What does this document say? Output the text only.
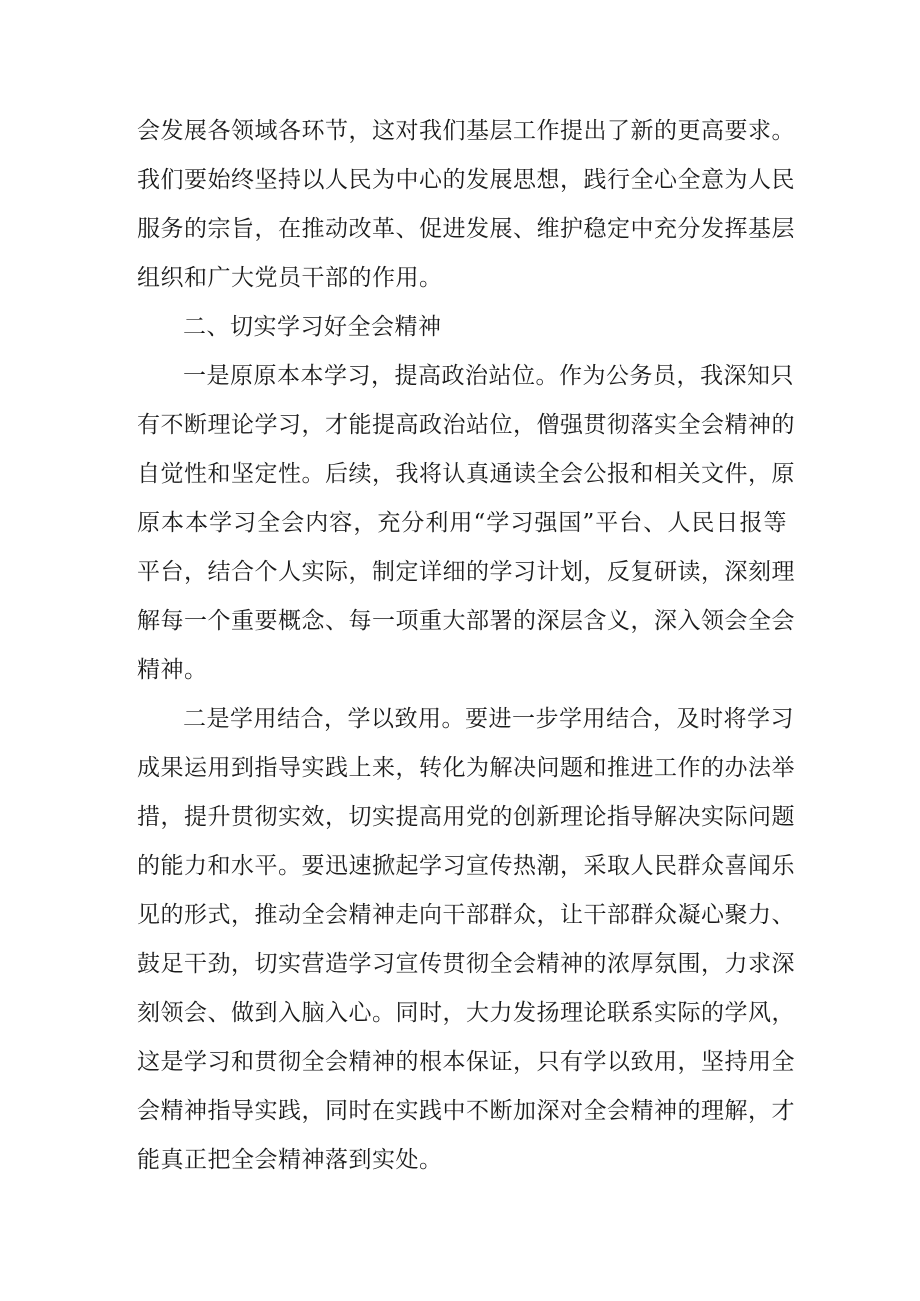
会发展各领域各环节，这对我们基层工作提出了新的更高要求。
我们要始终坚持以人民为中心的发展思想，践行全心全意为人民
服务的宗旨，在推动改革、促进发展、维护稳定中充分发挥基层
组织和广大党员干部的作用。
二、切实学习好全会精神
一是原原本本学习，提高政治站位。作为公务员，我深知只
有不断理论学习，才能提高政治站位，僧强贯彻落实全会精神的
自觉性和坚定性。后续，我将认真通读全会公报和相关文件，原
原本本学习全会内容，充分利用“学习强国”平台、人民日报等
平台，结合个人实际，制定详细的学习计划，反复研读，深刻理
解每一个重要概念、每一项重大部署的深层含义，深入领会全会
精神。
二是学用结合，学以致用。要进一步学用结合，及时将学习
成果运用到指导实践上来，转化为解决问题和推进工作的办法举
措，提升贯彻实效，切实提高用党的创新理论指导解决实际问题
的能力和水平。要迅速掀起学习宣传热潮，采取人民群众喜闻乐
见的形式，推动全会精神走向干部群众，让干部群众凝心聚力、
鼓足干劲，切实营造学习宣传贯彻全会精神的浓厚氛围，力求深
刻领会、做到入脑入心。同时，大力发扬理论联系实际的学风，
这是学习和贯彻全会精神的根本保证，只有学以致用，坚持用全
会精神指导实践，同时在实践中不断加深对全会精神的理解，才
能真正把全会精神落到实处。
